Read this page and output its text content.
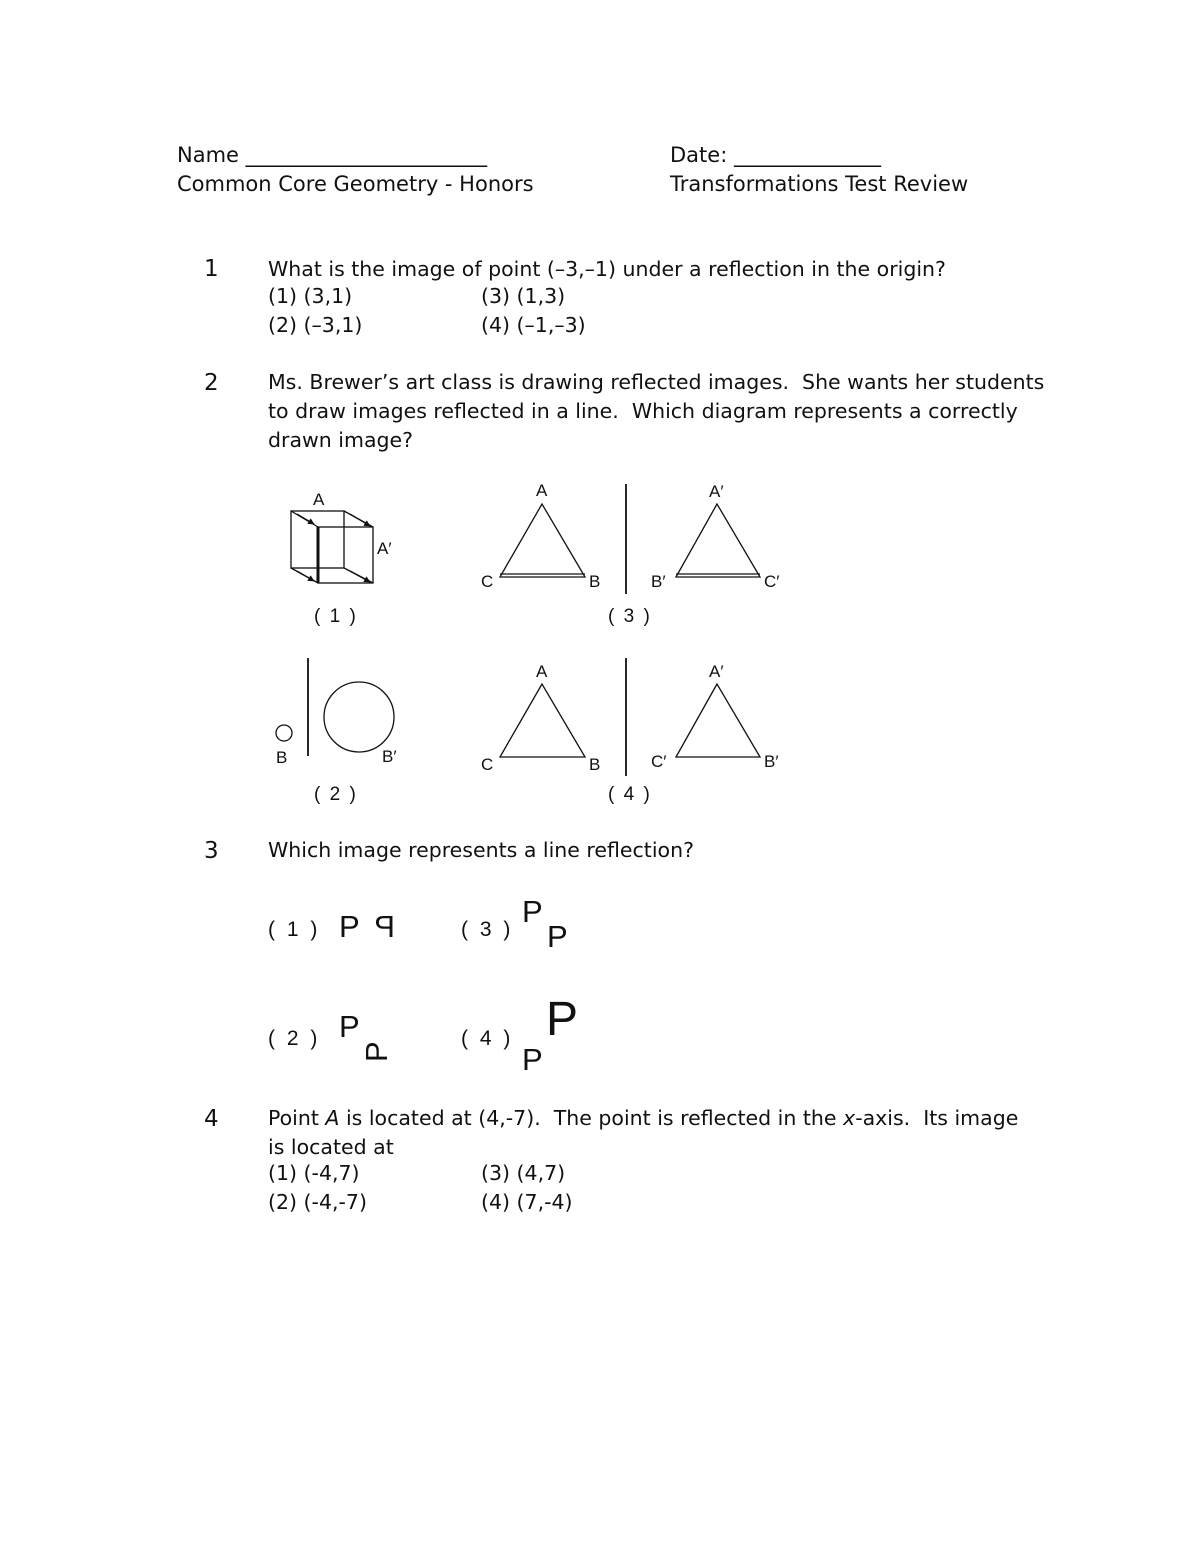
Name _______________________	Date: ______________
Common Core Geometry - Honors	Transformations Test Review
1 What is the image of point (–3,–1) under a reflection in the origin?
(1) (3,1)
(2) (–3,1)
(3) (1,3)
(4) (–1,–3)
2 Ms. Brewer’s art class is drawing reflected images.  She wants her students
to draw images reflected in a line.  Which diagram represents a correctly
drawn image?
A
A′
( 1 )
A
C	B
A′
B′	C′
( 3 )
B	B′
( 2 )
A
C	B
A′
C′	B′
( 4 )
3 Which image represents a line reflection?
( 1 )
( 2 )
( 3 )
( 4 )
P P	P
P
P
P	P
P
4 Point A is located at (4,-7).  The point is reflected in the x-axis.  Its image
is located at
(1) (-4,7)
(2) (-4,-7)
(3) (4,7)
(4) (7,-4)
